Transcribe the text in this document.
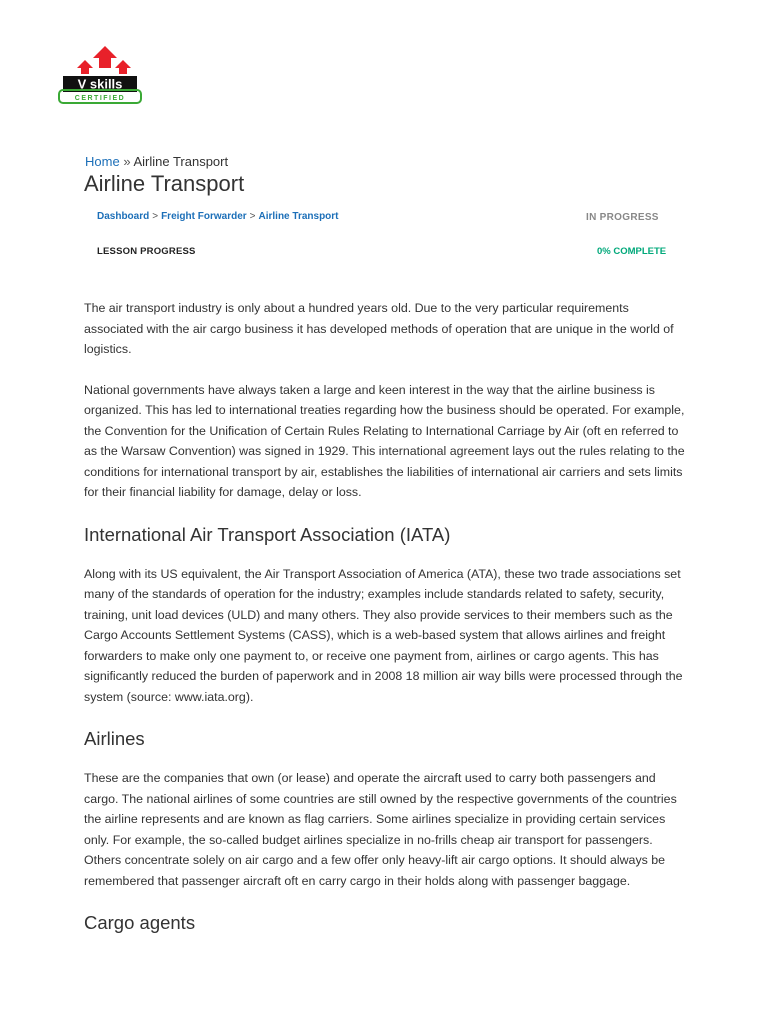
V skills
CERTIFIED
Home » Airline Transport
Airline Transport
Dashboard > Freight Forwarder > Airline Transport	IN PROGRESS
LESSON PROGRESS	0% COMPLETE

The air transport industry is only about a hundred years old. Due to the very particular requirements associated with the air cargo business it has developed methods of operation that are unique in the world of logistics.

National governments have always taken a large and keen interest in the way that the airline business is organized. This has led to international treaties regarding how the business should be operated. For example, the Convention for the Unification of Certain Rules Relating to International Carriage by Air (oft en referred to as the Warsaw Convention) was signed in 1929. This international agreement lays out the rules relating to the conditions for international transport by air, establishes the liabilities of international air carriers and sets limits for their financial liability for damage, delay or loss.

International Air Transport Association (IATA)

Along with its US equivalent, the Air Transport Association of America (ATA), these two trade associations set many of the standards of operation for the industry; examples include standards related to safety, security, training, unit load devices (ULD) and many others. They also provide services to their members such as the Cargo Accounts Settlement Systems (CASS), which is a web-based system that allows airlines and freight forwarders to make only one payment to, or receive one payment from, airlines or cargo agents. This has significantly reduced the burden of paperwork and in 2008 18 million air way bills were processed through the system (source: www.iata.org).

Airlines

These are the companies that own (or lease) and operate the aircraft used to carry both passengers and cargo. The national airlines of some countries are still owned by the respective governments of the countries the airline represents and are known as flag carriers. Some airlines specialize in providing certain services only. For example, the so-called budget airlines specialize in no-frills cheap air transport for passengers. Others concentrate solely on air cargo and a few offer only heavy-lift air cargo options. It should always be remembered that passenger aircraft oft en carry cargo in their holds along with passenger baggage.

Cargo agents
